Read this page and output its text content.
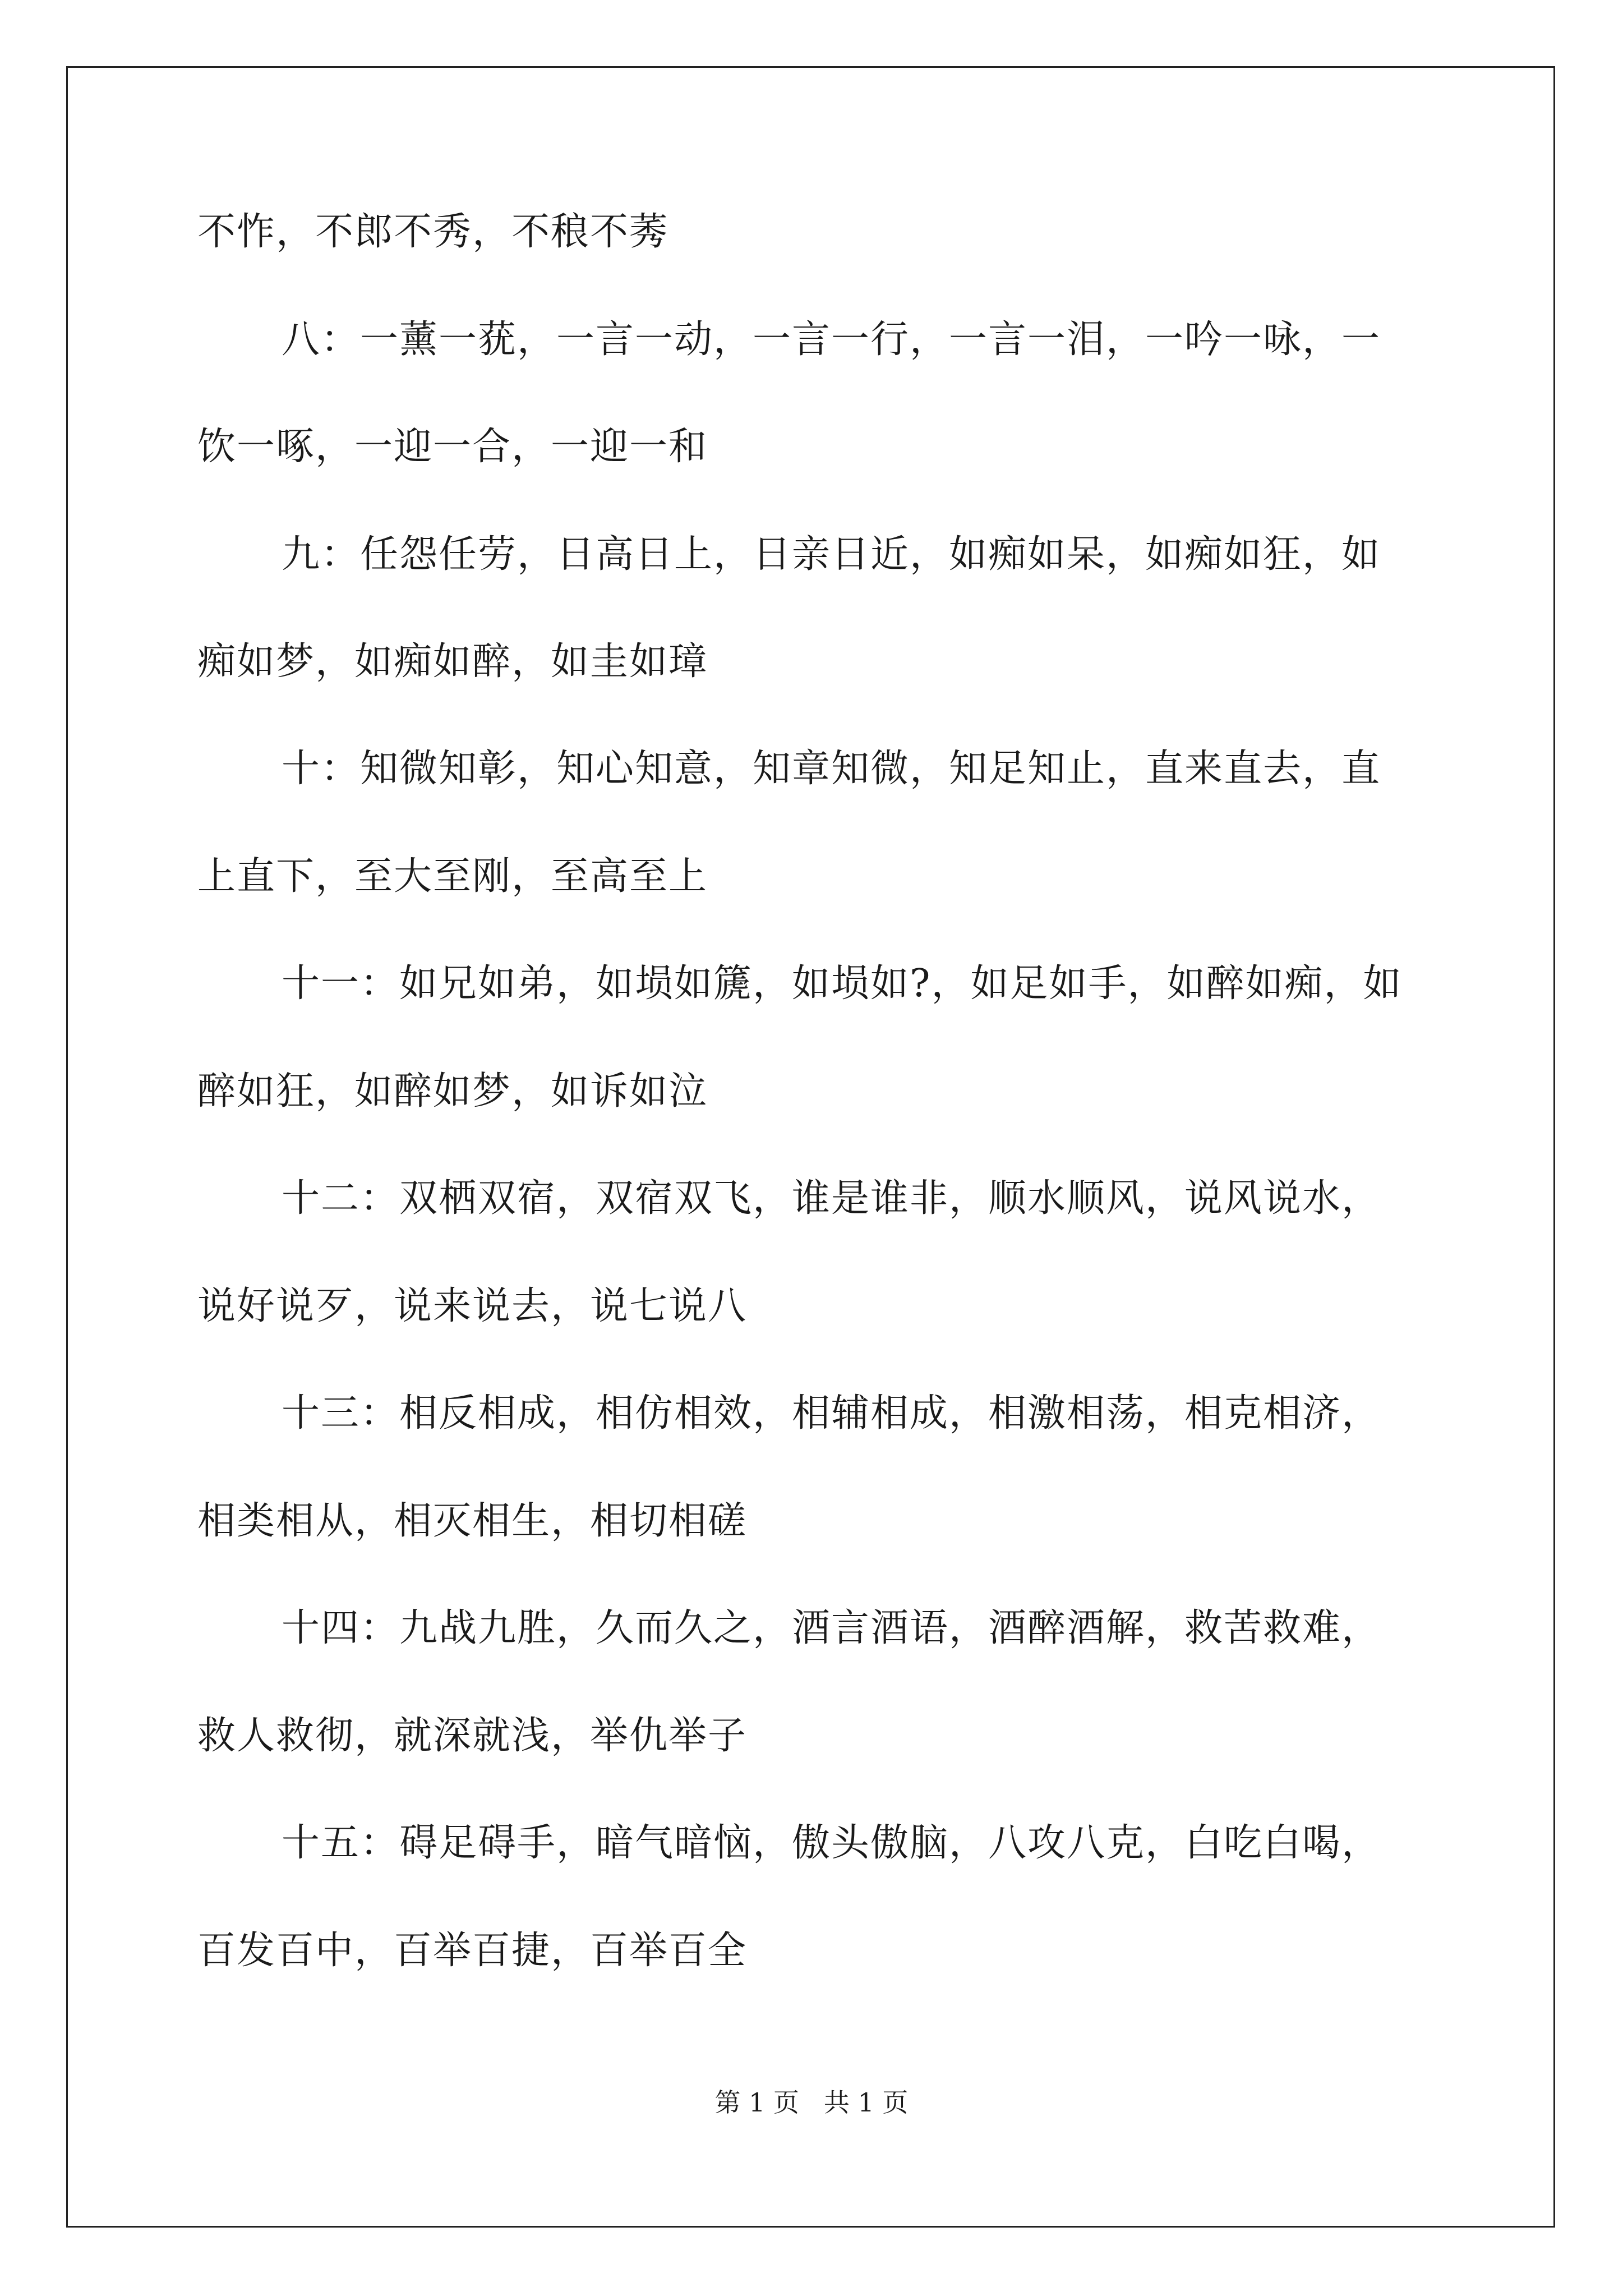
不怍，不郎不秀，不稂不莠

八：一薰一莸，一言一动，一言一行，一言一泪，一吟一咏，一

饮一啄，一迎一合，一迎一和

九：任怨任劳，日高日上，日亲日近，如痴如呆，如痴如狂，如

痴如梦，如痴如醉，如圭如璋

十：知微知彰，知心知意，知章知微，知足知止，直来直去，直

上直下，至大至刚，至高至上

十一：如兄如弟，如埙如篪，如埙如?，如足如手，如醉如痴，如

醉如狂，如醉如梦，如诉如泣

十二：双栖双宿，双宿双飞，谁是谁非，顺水顺风，说风说水，

说好说歹，说来说去，说七说八

十三：相反相成，相仿相效，相辅相成，相激相荡，相克相济，

相类相从，相灭相生，相切相磋

十四：九战九胜，久而久之，酒言酒语，酒醉酒解，救苦救难，

救人救彻，就深就浅，举仇举子

十五：碍足碍手，暗气暗恼，傲头傲脑，八攻八克，白吃白喝，

百发百中，百举百捷，百举百全

第 1 页   共 1 页
